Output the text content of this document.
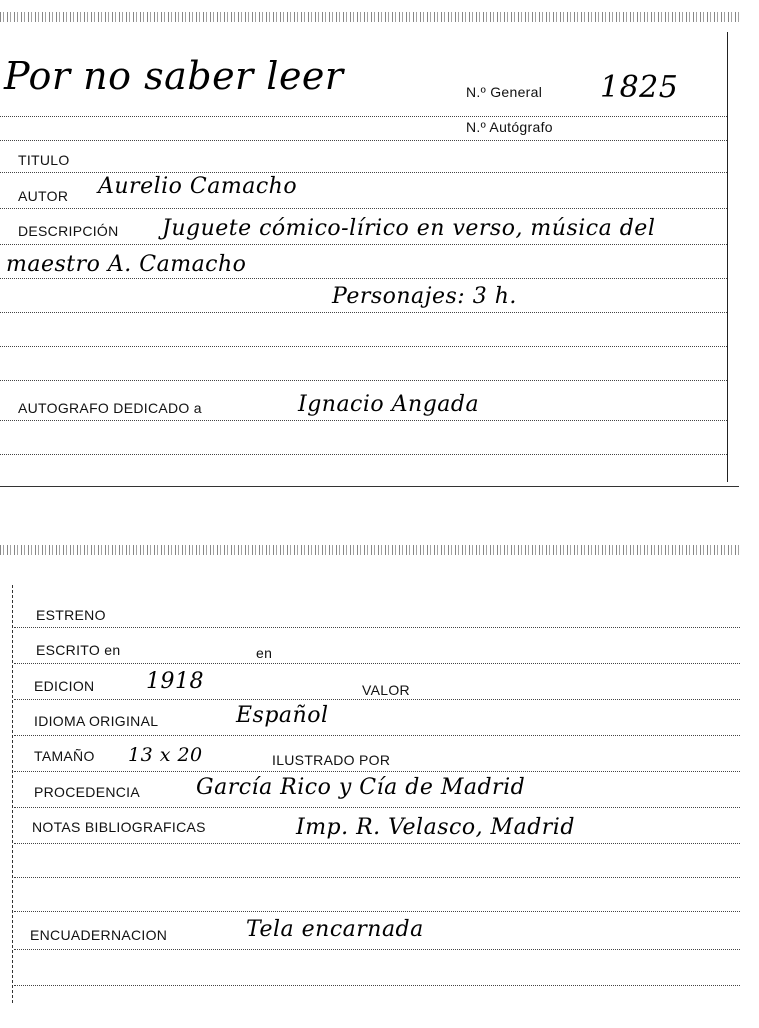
Por no saber leer	N.º General 1825
N.º Autógrafo
TITULO
AUTOR Aurelio Camacho
DESCRIPCIÓN Juguete cómico-lírico en verso, música del
maestro A. Camacho
Personajes: 3 h.
AUTOGRAFO DEDICADO a	Ignacio Angada
ESTRENO
ESCRITO en	en
EDICION 1918	VALOR
IDIOMA ORIGINAL	Español
TAMAÑO 13 x 20	ILUSTRADO POR
PROCEDENCIA	García Rico y Cía de Madrid
NOTAS BIBLIOGRAFICAS	Imp. R. Velasco, Madrid
ENCUADERNACION	Tela encarnada
